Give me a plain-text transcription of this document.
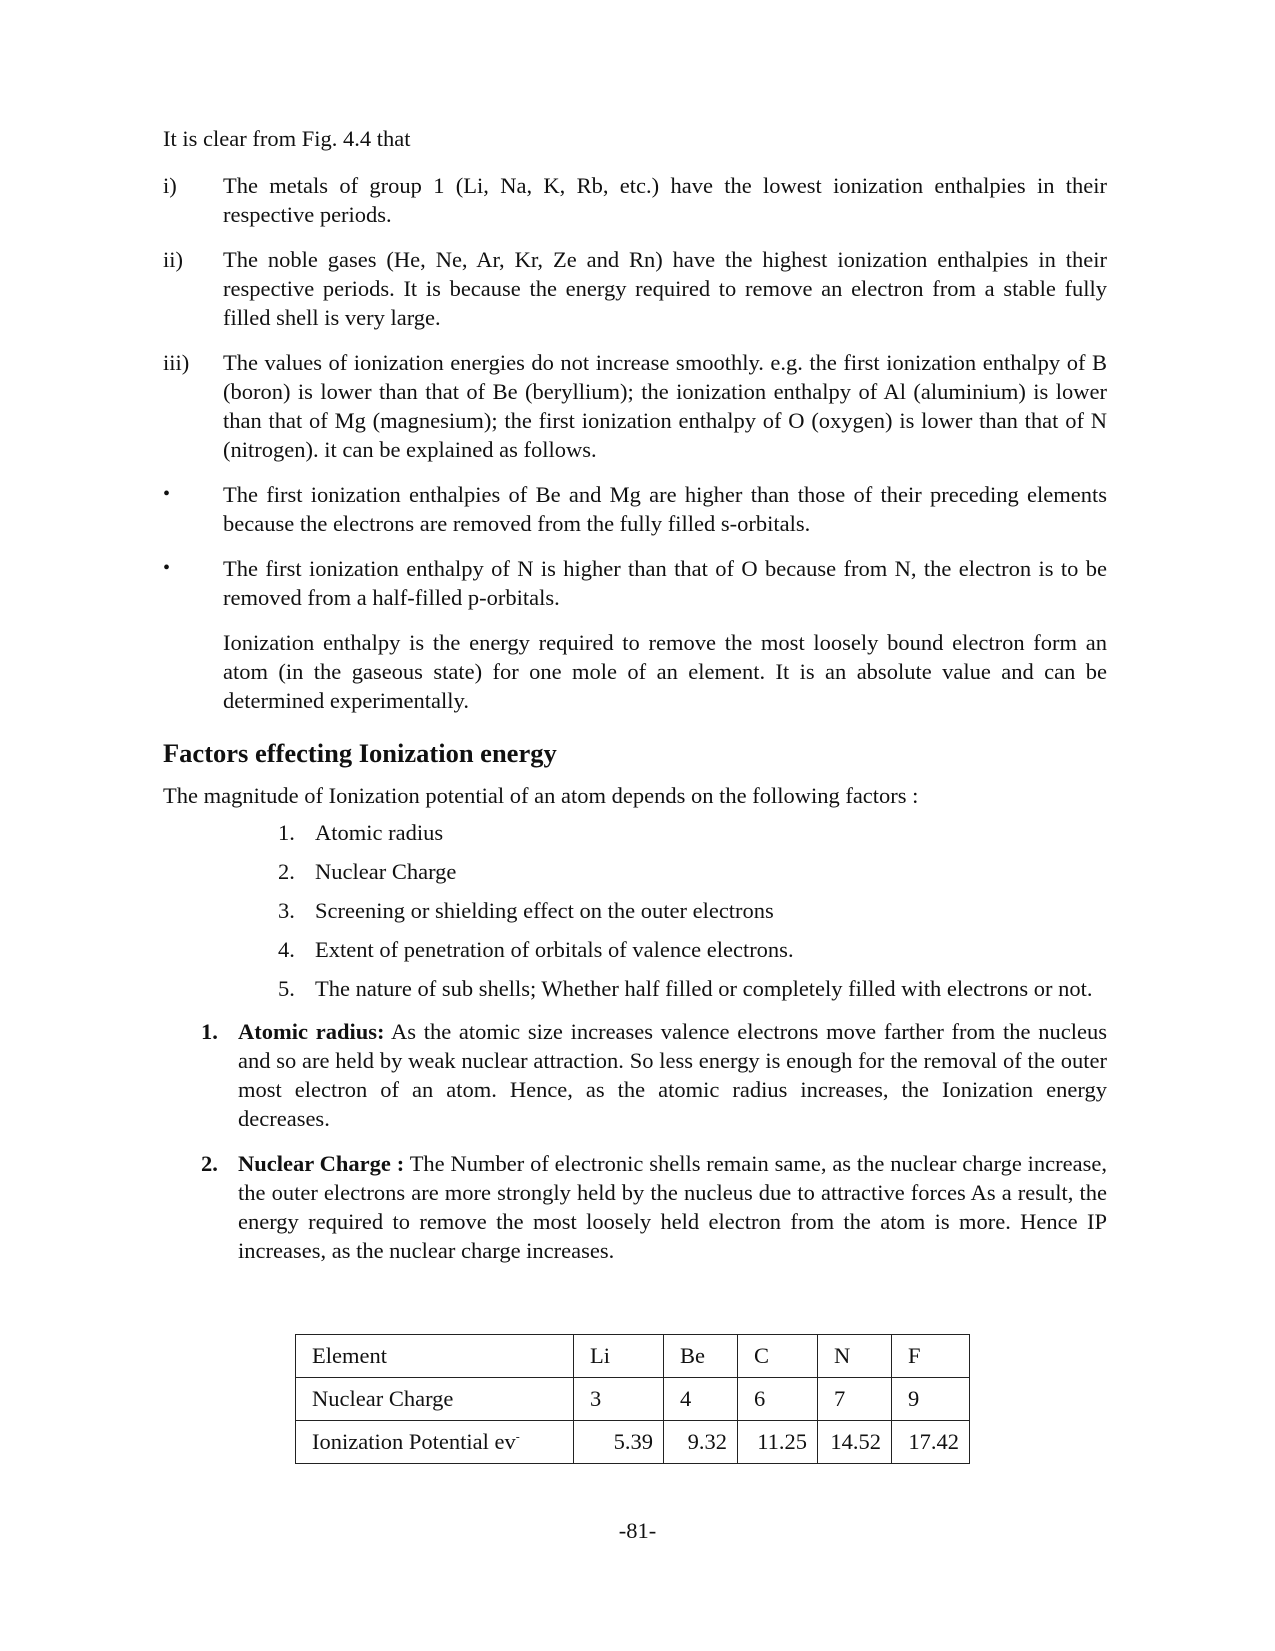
It is clear from Fig. 4.4 that

i) The metals of group 1 (Li, Na, K, Rb, etc.) have the lowest ionization enthalpies in their respective periods.
ii) The noble gases (He, Ne, Ar, Kr, Ze and Rn) have the highest ionization enthalpies in their respective periods. It is because the energy required to remove an electron from a stable fully filled shell is very large.
iii) The values of ionization energies do not increase smoothly. e.g. the first ionization enthalpy of B (boron) is lower than that of Be (beryllium); the ionization enthalpy of Al (aluminium) is lower than that of Mg (magnesium); the first ionization enthalpy of O (oxygen) is lower than that of N (nitrogen). it can be explained as follows.
• The first ionization enthalpies of Be and Mg are higher than those of their preceding elements because the electrons are removed from the fully filled s-orbitals.
• The first ionization enthalpy of N is higher than that of O because from N, the electron is to be removed from a half-filled p-orbitals.
Ionization enthalpy is the energy required to remove the most loosely bound electron form an atom (in the gaseous state) for one mole of an element. It is an absolute value and can be determined experimentally.
Factors effecting Ionization energy

The magnitude of Ionization potential of an atom depends on the following factors :

1. Atomic radius
2. Nuclear Charge
3. Screening or shielding effect on the outer electrons
4. Extent of penetration of orbitals of valence electrons.
5. The nature of sub shells; Whether half filled or completely filled with electrons or not.
1. Atomic radius: As the atomic size increases valence electrons move farther from the nucleus and so are held by weak nuclear attraction. So less energy is enough for the removal of the outer most electron of an atom. Hence, as the atomic radius increases, the Ionization energy decreases.
2. Nuclear Charge : The Number of electronic shells remain same, as the nuclear charge increase, the outer electrons are more strongly held by the nucleus due to attractive forces As a result, the energy required to remove the most loosely held electron from the atom is more. Hence IP increases, as the nuclear charge increases.
Element	Li	Be	C	N	F
Nuclear Charge	3	4	6	7	9
Ionization Potential ev-	5.39	9.32	11.25	14.52	17.42
-81-
